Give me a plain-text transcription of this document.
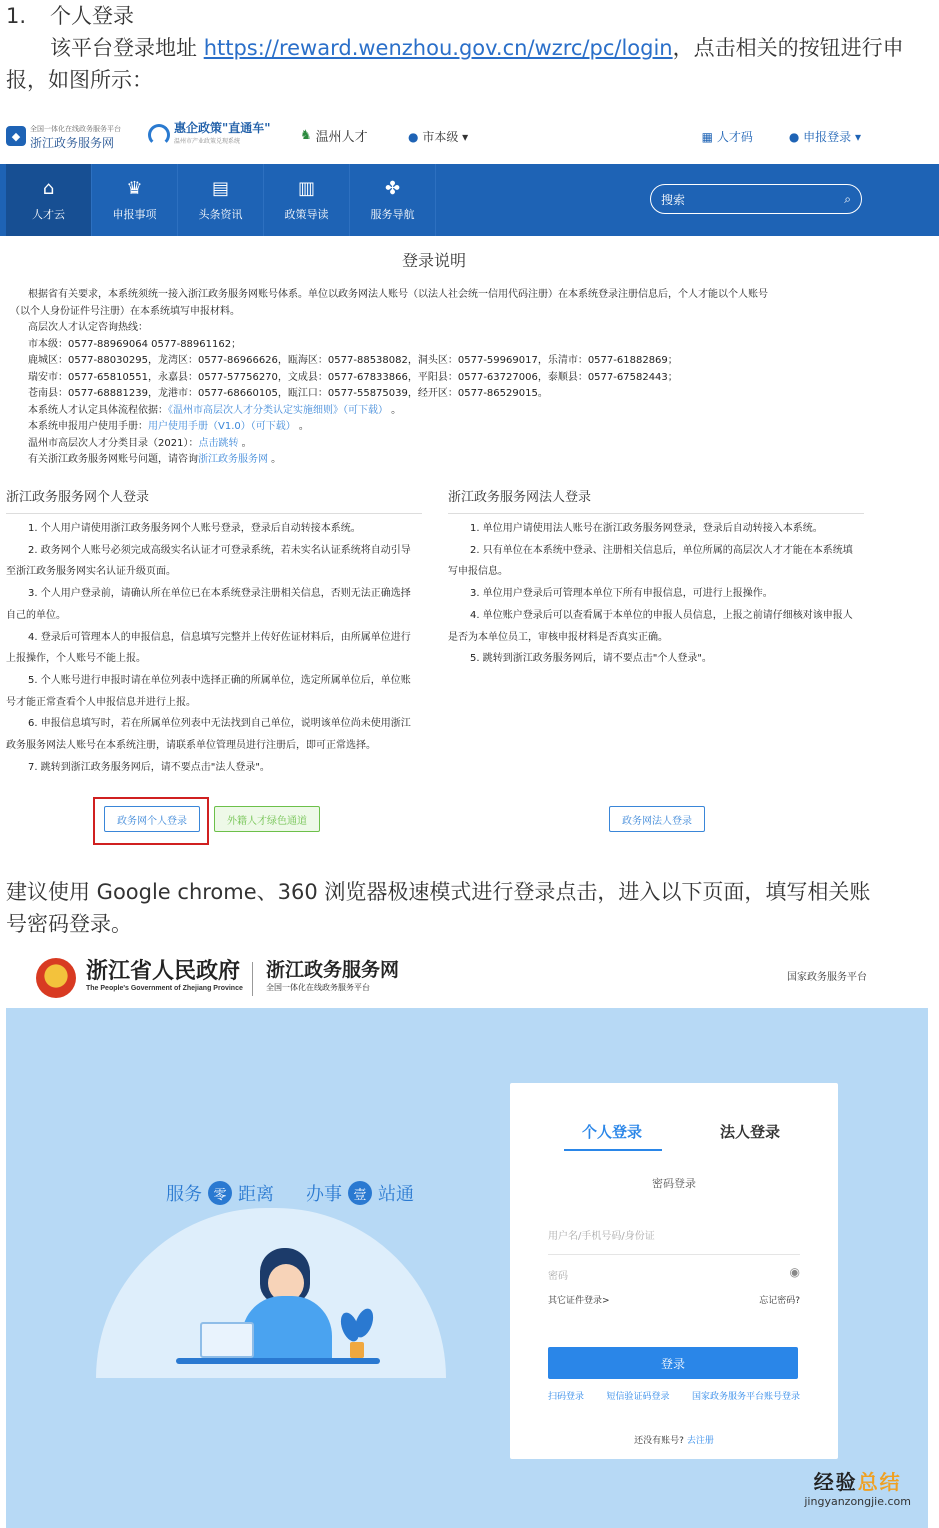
1. 个人登录
该平台登录地址 https://reward.wenzhou.gov.cn/wzrc/pc/login，点击相关的按钮进行申
报，如图所示：
◆
全国一体化在线政务服务平台
浙江政务服务网
惠企政策"直通车"
温州市产业政策兑现系统	♞ 温州人才	● 市本级 ▾	▦ 人才码	● 申报登录 ▾
⌂
人才云
♛
申报事项
▤
头条资讯
▥
政策导读
✤
服务导航
搜索	⌕
登录说明
根据省有关要求，本系统须统一接入浙江政务服务网账号体系。单位以政务网法人账号（以法人社会统一信用代码注册）在本系统登录注册信息后，个人才能以个人账号
（以个人身份证件号注册）在本系统填写申报材料。
高层次人才认定咨询热线：
市本级：0577-88969064 0577-88961162；
鹿城区：0577-88030295，龙湾区：0577-86966626，瓯海区：0577-88538082，洞头区：0577-59969017，乐清市：0577-61882869；
瑞安市：0577-65810551，永嘉县：0577-57756270，文成县：0577-67833866，平阳县：0577-63727006，泰顺县：0577-67582443；
苍南县：0577-68881239，龙港市：0577-68660105，瓯江口：0577-55875039，经开区：0577-86529015。
本系统人才认定具体流程依据：《温州市高层次人才分类认定实施细则》（可下载） 。
本系统申报用户使用手册：用户使用手册（V1.0）（可下载） 。
温州市高层次人才分类目录（2021）：点击跳转 。
有关浙江政务服务网账号问题，请咨询浙江政务服务网 。
浙江政务服务网个人登录

1. 个人用户请使用浙江政务服务网个人账号登录，登录后自动转接本系统。

2. 政务网个人账号必须完成高级实名认证才可登录系统，若未实名认证系统将自动引导至浙江政务服务网实名认证升级页面。

3. 个人用户登录前，请确认所在单位已在本系统登录注册相关信息，否则无法正确选择自己的单位。

4. 登录后可管理本人的申报信息，信息填写完整并上传好佐证材料后，由所属单位进行上报操作，个人账号不能上报。

5. 个人账号进行申报时请在单位列表中选择正确的所属单位，选定所属单位后，单位账号才能正常查看个人申报信息并进行上报。

6. 申报信息填写时，若在所属单位列表中无法找到自己单位，说明该单位尚未使用浙江政务服务网法人账号在本系统注册，请联系单位管理员进行注册后，即可正常选择。

7. 跳转到浙江政务服务网后，请不要点击"法人登录"。

浙江政务服务网法人登录

1. 单位用户请使用法人账号在浙江政务服务网登录，登录后自动转接入本系统。

2. 只有单位在本系统中登录、注册相关信息后，单位所属的高层次人才才能在本系统填写申报信息。

3. 单位用户登录后可管理本单位下所有申报信息，可进行上报操作。

4. 单位账户登录后可以查看属于本单位的申报人员信息，上报之前请仔细核对该申报人是否为本单位员工，审核申报材料是否真实正确。

5. 跳转到浙江政务服务网后，请不要点击"个人登录"。

政务网个人登录	外籍人才绿色通道	政务网法人登录
建议使用 Google chrome、360 浏览器极速模式进行登录点击，进入以下页面，填写相关账
号密码登录。
浙江省人民政府
The People's Government of Zhejiang Province
浙江政务服务网
全国一体化在线政务服务平台
国家政务服务平台
服务 零 距离 办事 壹 站通
个人登录	法人登录
密码登录
用户名/手机号码/身份证
密码	◉
其它证件登录>	忘记密码?
登录
扫码登录 短信验证码登录 国家政务服务平台账号登录
还没有账号? 去注册
经验总结
jingyanzongjie.com
